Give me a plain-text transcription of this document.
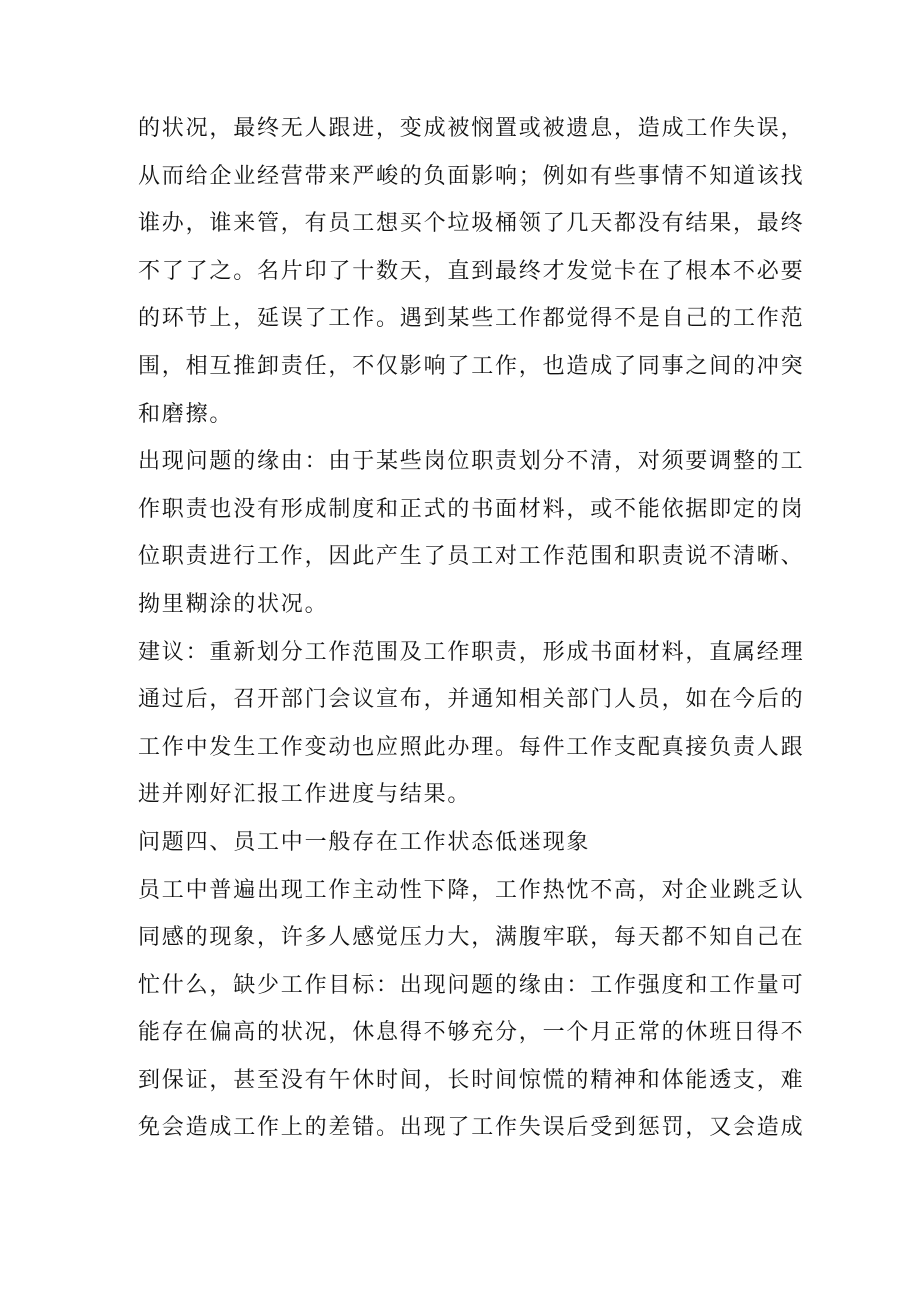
的状况，最终无人跟进，变成被悯置或被遗息，造成工作失误，
从而给企业经营带来严峻的负面影响；例如有些事情不知道该找
谁办，谁来管，有员工想买个垃圾桶领了几天都没有结果，最终
不了了之。名片印了十数天，直到最终才发觉卡在了根本不必要
的环节上，延误了工作。遇到某些工作都觉得不是自己的工作范
围，相互推卸责任，不仅影响了工作，也造成了同事之间的冲突
和磨擦。
出现问题的缘由：由于某些岗位职责划分不清，对须要调整的工
作职责也没有形成制度和正式的书面材料，或不能依据即定的岗
位职责进行工作，因此产生了员工对工作范围和职责说不清晰、
拗里糊涂的状况。
建议：重新划分工作范围及工作职责，形成书面材料，直属经理
通过后，召开部门会议宣布，并通知相关部门人员，如在今后的
工作中发生工作变动也应照此办理。每件工作支配真接负责人跟
进并刚好汇报工作进度与结果。
问题四、员工中一般存在工作状态低迷现象
员工中普遍出现工作主动性下降，工作热忱不高，对企业跳乏认
同感的现象，许多人感觉压力大，满腹牢联，每天都不知自己在
忙什么，缺少工作目标：出现问题的缘由：工作强度和工作量可
能存在偏高的状况，休息得不够充分，一个月正常的休班日得不
到保证，甚至没有午休时间，长时间惊慌的精神和体能透支，难
免会造成工作上的差错。出现了工作失误后受到惩罚，又会造成
